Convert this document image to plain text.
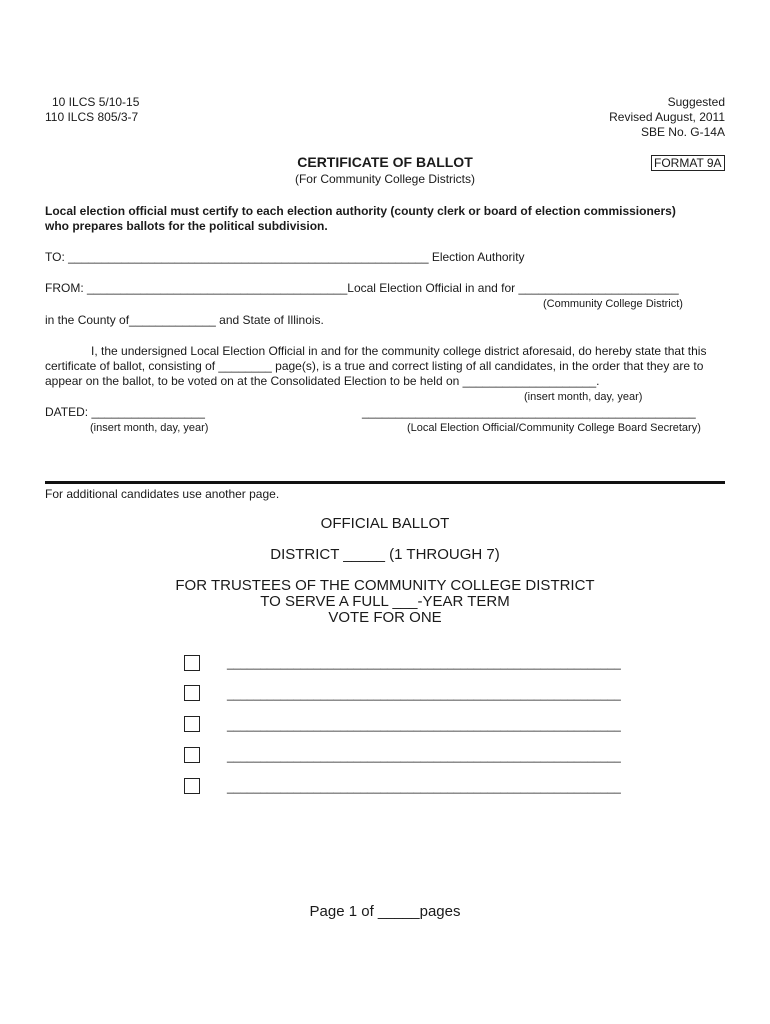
10 ILCS 5/10-15
110 ILCS 805/3-7
Suggested
Revised August, 2011
SBE No. G-14A
CERTIFICATE OF BALLOT	FORMAT 9A
(For Community College Districts)
Local election official must certify to each election authority (county clerk or board of election commissioners)
who prepares ballots for the political subdivision.
TO: ______________________________________________________ Election Authority
FROM: _______________________________________Local Election Official in and for ________________________
(Community College District)
in the County of_____________ and State of Illinois.
I, the undersigned Local Election Official in and for the community college district aforesaid, do hereby state that this
certificate of ballot, consisting of ________ page(s), is a true and correct listing of all candidates, in the order that they are to
appear on the ballot, to be voted on at the Consolidated Election to be held on ____________________.
(insert month, day, year)
DATED: _________________	__________________________________________________
(insert month, day, year)	(Local Election Official/Community College Board Secretary)
For additional candidates use another page.
OFFICIAL BALLOT
DISTRICT _____ (1 THROUGH 7)
FOR TRUSTEES OF THE COMMUNITY COLLEGE DISTRICT
TO SERVE A FULL ___-YEAR TERM
VOTE FOR ONE
___________________________________________________________
___________________________________________________________
___________________________________________________________
___________________________________________________________
___________________________________________________________
Page 1 of _____pages
